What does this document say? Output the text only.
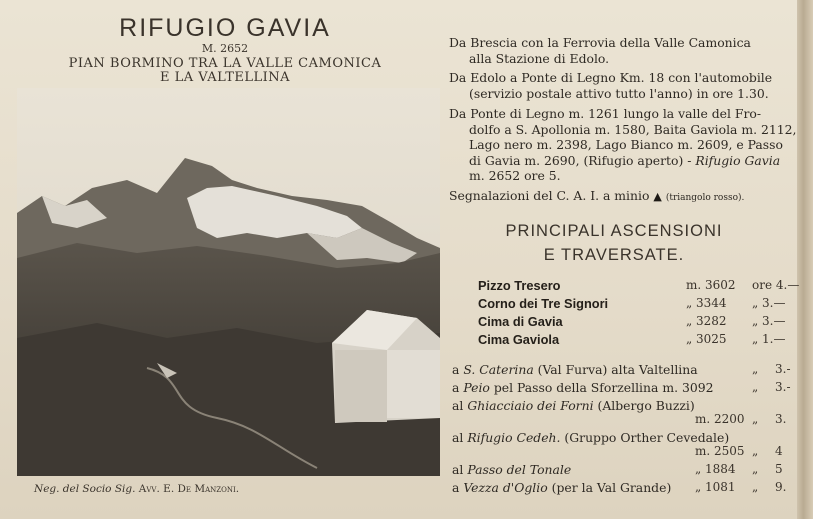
RIFUGIO GAVIA
M. 2652
PIAN BORMINO TRA LA VALLE CAMONICA
E LA VALTELLINA
Neg. del Socio Sig. Avv. E. De Manzoni.

Da Brescia con la Ferrovia della Valle Camonica

alla Stazione di Edolo.

Da Edolo a Ponte di Legno Km. 18 con l'automobile

(servizio postale attivo tutto l'anno) in ore 1.30.

Da Ponte di Legno m. 1261 lungo la valle del Fro-

dolfo a S. Apollonia m. 1580, Baita Gaviola m. 2112,

Lago nero m. 2398, Lago Bianco m. 2609, e Passo

di Gavia m. 2690, (Rifugio aperto) - Rifugio Gavia

m. 2652 ore 5.

Segnalazioni del C. A. I. a minio ▲ (triangolo rosso).
PRINCIPALI ASCENSIONI
E TRAVERSATE.
Pizzo Tresero	m. 3602 ore 4.—
Corno dei Tre Signori	„ 3344 „ 3.—
Cima di Gavia	„ 3282 „ 3.—
Cima Gaviola	„ 3025 „ 1.—
a S. Caterina (Val Furva) alta Valtellina	„ 3.-
a Peio pel Passo della Sforzellina m. 3092	„ 3.-
al Ghiacciaio dei Forni (Albergo Buzzi)
m. 2200 „ 3.
al Rifugio Cedeh. (Gruppo Orther Cevedale)
m. 2505 „ 4
al Passo del Tonale	„ 1884 „ 5
a Vezza d'Oglio (per la Val Grande) „ 1081 „ 9.
